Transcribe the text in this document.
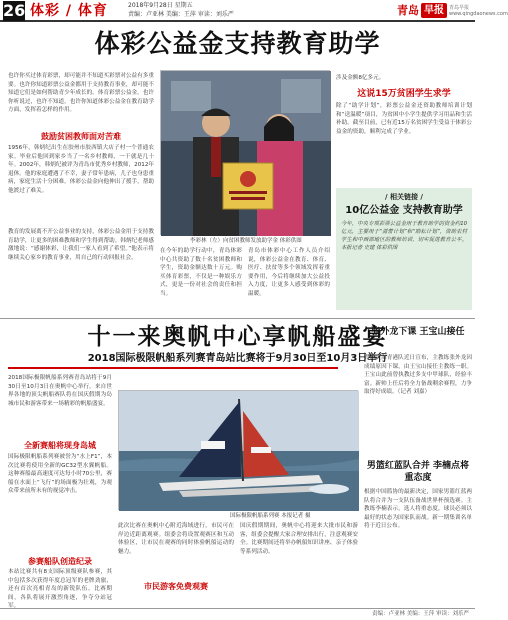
26 体彩 / 体育	2018年9月28日 星期五
责编：卢亚林 美编：王萍 审读：刘乐严	青岛 早报	青岛早报 www.qingdaonews.com
体彩公益金支持教育助学
也许你买过体育彩票，却可能并不知道买彩票对公益有多重要。也许你知道彩票公益金都用于支持教育事业，却可能不知道它们是如何帮助青少年成长的。体育彩票公益金，也许你听说过，也许不知道，也许你知道体彩公益金在教育助学方面，发挥着怎样的作用。
鼓励贫困教师面对苦难
1956年，韩炳纪出生在胶州市胶西镇大店子村一个普通农家。毕业后他回到家乡当了一名乡村教师，一干就是几十年。2002年，韩炳纪被评为青岛市优秀乡村教师，2012年退休。他的家庭遭遇了不幸，妻子常年患病，儿子也身患重病，家庭生活十分困难。体彩公益金向他伸出了援手，帮助他渡过了难关。
教育的发展离不开公益事业的支持，体彩公益金用于支持教育助学，让更多的困难教师和学生得到帮助。韩炳纪老师感激地说：“感谢体彩，让我们一家人看到了希望。”他表示将继续关心家乡的教育事业，用自己的行动回报社会。
李彩林（左）向贫困教师发放助学金 体彩供图
在今年的助学行动中，青岛体彩中心共资助了数十名贫困教师和学生，资助金额达数十万元。购买体育彩票，不仅是一种娱乐方式，更是一份对社会的责任和担当。
青岛市体彩中心工作人员介绍说，体彩公益金在教育、体育、医疗、扶贫等多个领域发挥着重要作用，今后将继续加大公益投入力度，让更多人感受到体彩的温暖。
涉及金额8亿多元。
这说15万贫困学生求学
除了“助学计划”，彩票公益金还资助教师培训计划和“送温暖”项目，为贫困中小学生提供学习用品和生活补助。截至目前，已有近15万名贫困学生受益于体彩公益金的资助，顺利完成了学业。
/ 相关链接 /
10亿公益金 支持教育助学
今年，中央专项彩票公益金用于教育助学的资金约10亿元，主要用于“滋蕾计划”和“励耘计划”，资助农村学生和中西部地区的教师培训，切实促进教育公平。 本报记者 史建 体彩供图
十一来奥帆中心享帆船盛宴
2018国际极限帆船系列赛青岛站比赛将于9月30日至10月3日举行
2018国际极限帆船系列赛青岛站将于9月30日至10月3日在奥帆中心举行。来自世界各地的顶尖帆船赛队将在国庆假期为岛城市民和游客带来一场精彩的帆船盛宴。
全新赛船将现身岛城
国际极限帆船系列赛被誉为“水上F1”，本次比赛将使用全新的GC32型水翼帆船。这种赛船最高速度可达每小时70公里，赛船在水面上“飞行”的场面极为壮观，为观众带来前所未有的视觉冲击。
参赛船队创造纪录
本站比赛共有8支国际顶级赛队参赛，其中包括多次获得年度总冠军的老牌劲旅，还有首次亮相青岛的新锐队伍。比赛期间，各队将展开激烈角逐，争夺分站冠军。
国际极限帆船系列赛 本报记者 摄
此次比赛在奥帆中心附近海域进行，市民可在岸边近距离观赛。组委会将设置观赛区和互动体验区，让市民在观赛的同时体验帆船运动的魅力。
市民游客免费观赛
国庆假期期间，奥帆中心将迎来大批市民和游客，组委会提醒大家合理安排出行，注意观赛安全。比赛期间还将举办帆船知识讲座、亲子体验等系列活动。
张外龙下课 王宝山接任
青岛黄海青港队近日宣布，主教练张外龙因成绩原因下课，由王宝山接任主教练一职。王宝山此前曾执教过多支中甲球队，经验丰富。新帅上任后将全力备战剩余赛程，力争取得好成绩。（记者 刘嘉）
男篮红蓝队合并 李楠点将重态度
根据中国篮协的最新决定，国家男篮红蓝两队将合并为一支队伍备战世界杯预选赛。主教练李楠表示，选人将重态度，球员必须以最好的状态为国家队而战。新一期集训名单将于近日公布。
责编：卢亚林 美编：王萍 审读：刘乐严
